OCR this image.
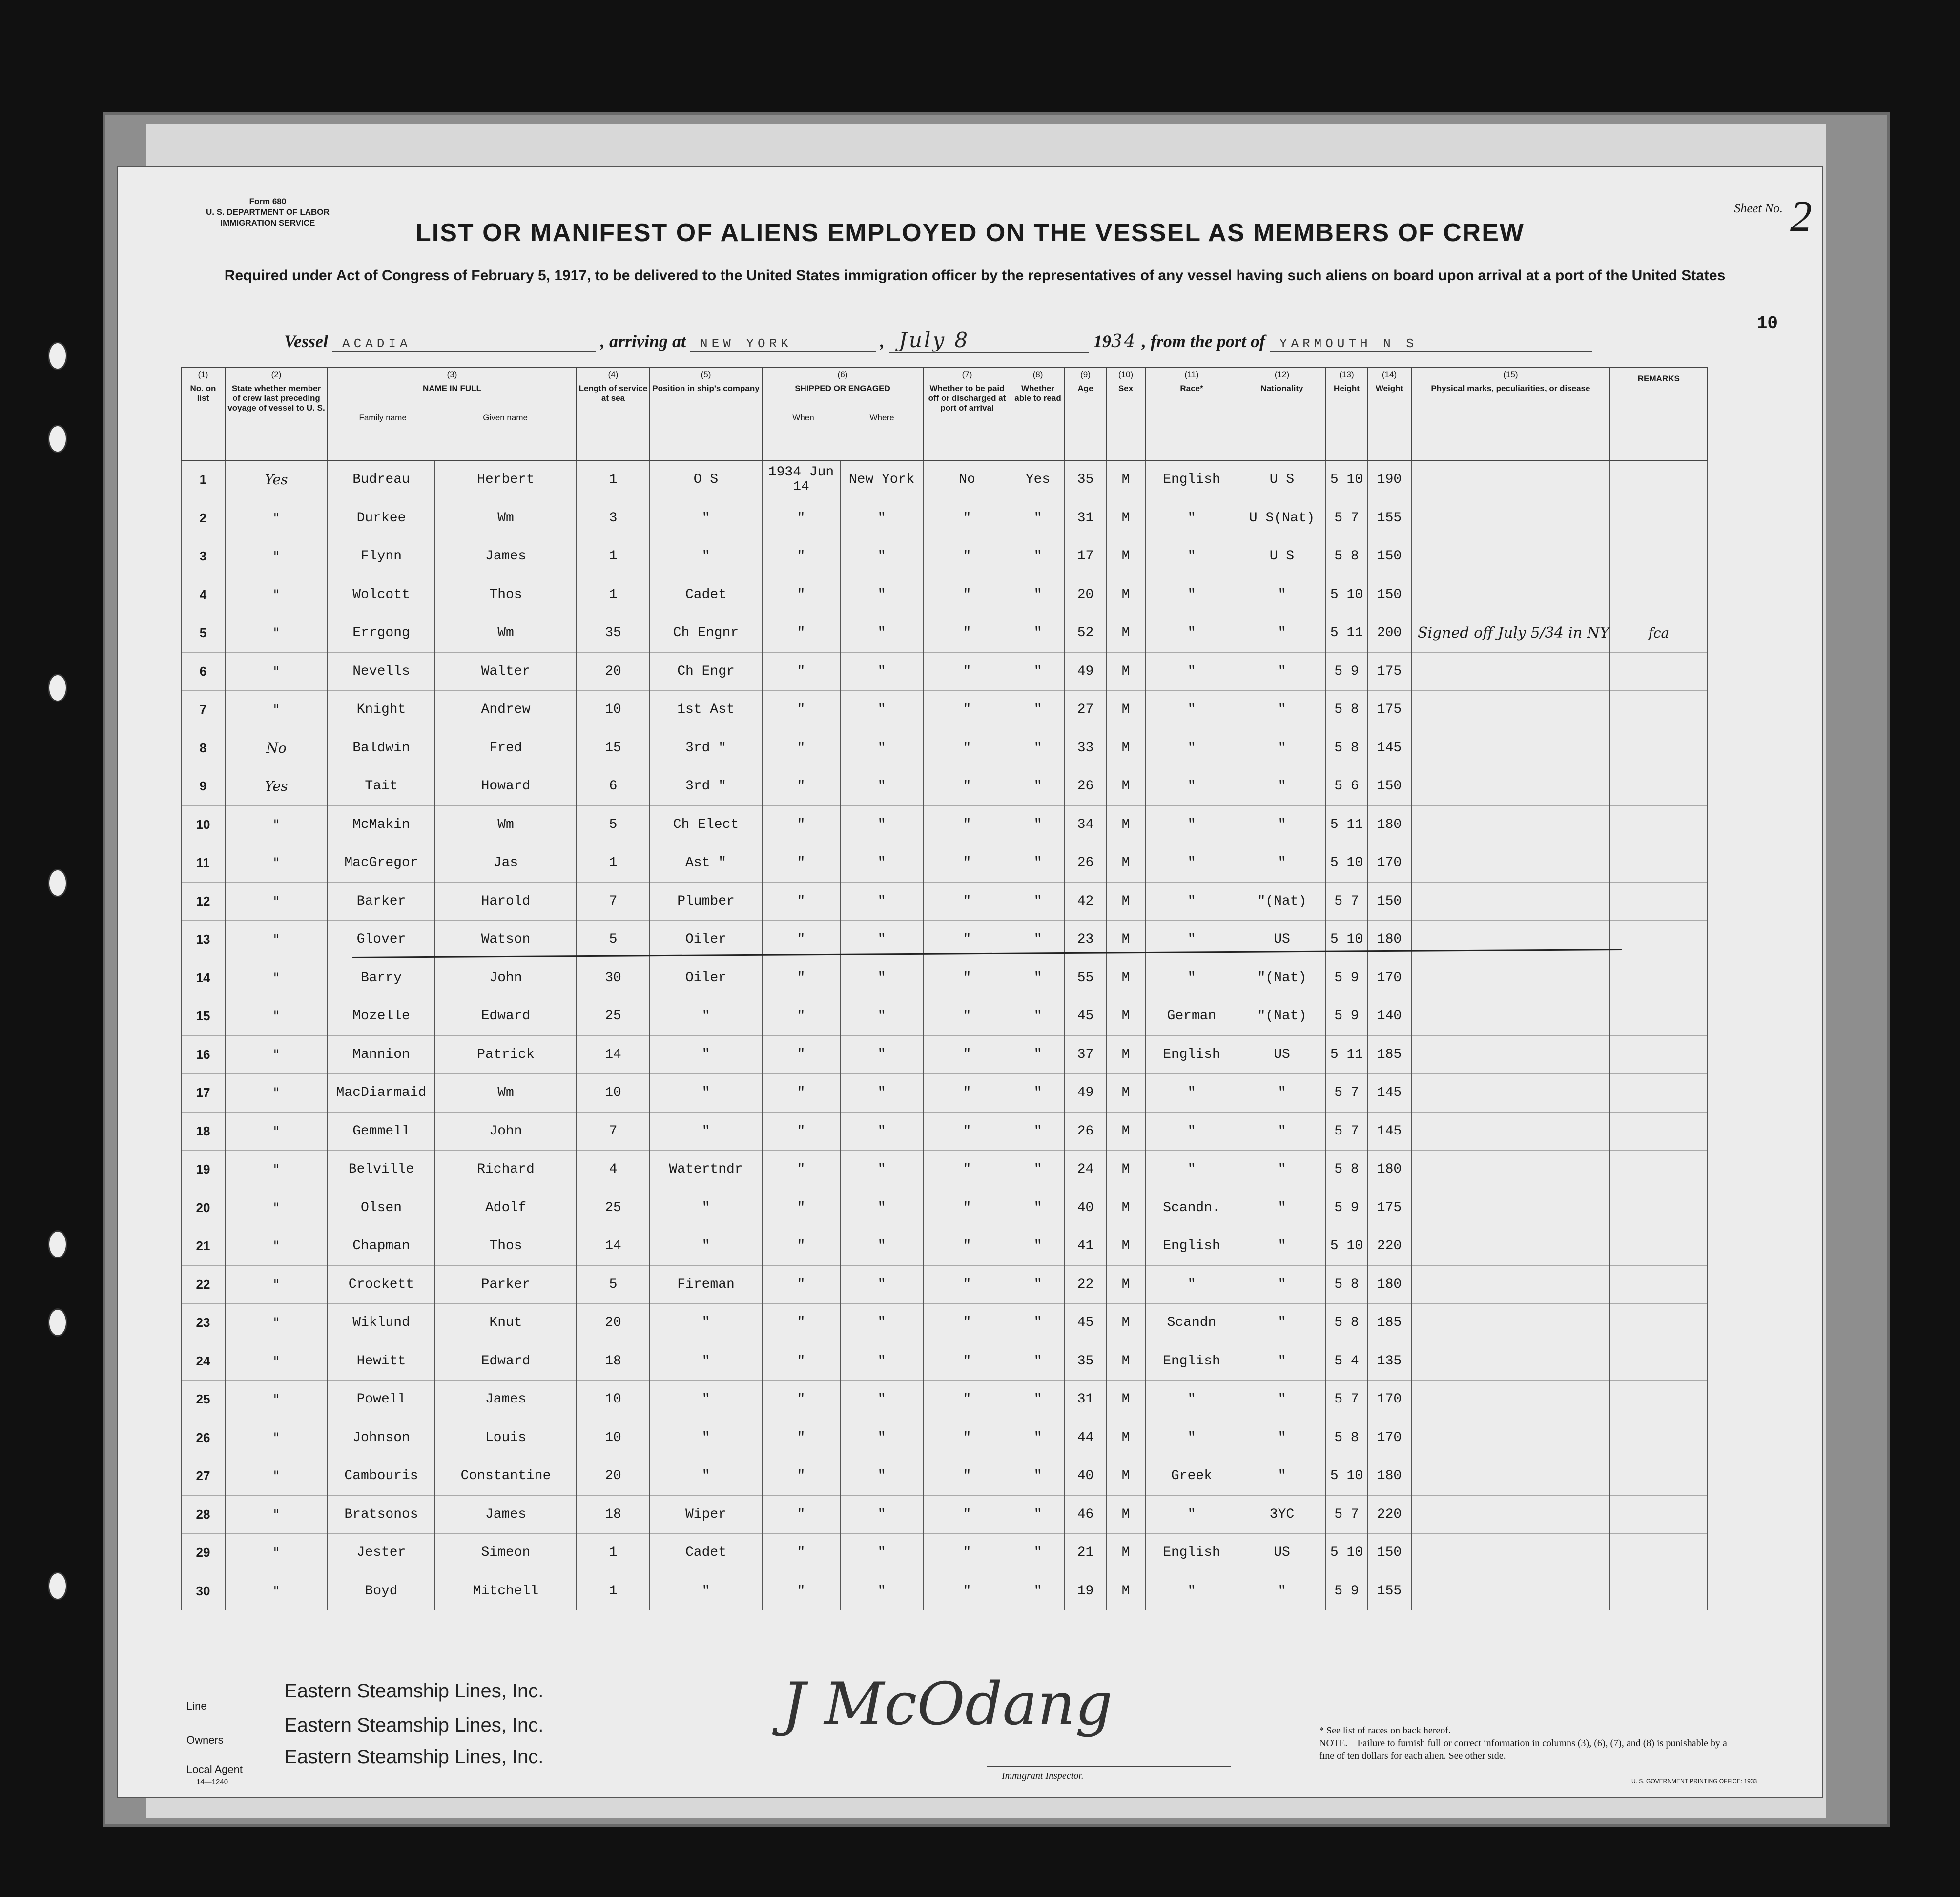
Form 680
U. S. DEPARTMENT OF LABOR
IMMIGRATION SERVICE
Sheet No. 2
LIST OR MANIFEST OF ALIENS EMPLOYED ON THE VESSEL AS MEMBERS OF CREW
Required under Act of Congress of February 5, 1917, to be delivered to the United States immigration officer by the representatives of any vessel having such aliens on board upon arrival at a port of the United States
Vessel ACADIA	, arriving at NEW YORK	, July 8	1934 , from the port of YARMOUTH N S
10
(1)
No. on list	(2)
State whether member of crew last preceding voyage of vessel to U. S.	(3)
NAME IN FULL
Family name Given name		(4)
Length of service at sea	(5)
Position in ship's company	(6)
SHIPPED OR ENGAGED
When Where		(7)
Whether to be paid off or discharged at port of arrival	(8)
Whether able to read	(9)
Age	(10)
Sex	(11)
Race*	(12)
Nationality	(13)
Height	(14)
Weight	(15)
Physical marks, peculiarities, or disease	REMARKS
1	Yes	Budreau	Herbert	1	O S	1934 Jun 14	New York	No	Yes	35	M	English	U S	5 10	190		
2	"	Durkee	Wm	3	"	"	"	"	"	31	M	"	U S(Nat)	5 7	155		
3	"	Flynn	James	1	"	"	"	"	"	17	M	"	U S	5 8	150		
4	"	Wolcott	Thos	1	Cadet	"	"	"	"	20	M	"	"	5 10	150		
5	"	Errgong	Wm	35	Ch Engnr	"	"	"	"	52	M	"	"	5 11	200	Signed off July 5/34 in NY	fca
6	"	Nevells	Walter	20	Ch Engr	"	"	"	"	49	M	"	"	5 9	175		
7	"	Knight	Andrew	10	1st Ast	"	"	"	"	27	M	"	"	5 8	175		
8	No	Baldwin	Fred	15	3rd "	"	"	"	"	33	M	"	"	5 8	145		
9	Yes	Tait	Howard	6	3rd "	"	"	"	"	26	M	"	"	5 6	150		
10	"	McMakin	Wm	5	Ch Elect	"	"	"	"	34	M	"	"	5 11	180		
11	"	MacGregor	Jas	1	Ast "	"	"	"	"	26	M	"	"	5 10	170		
12	"	Barker	Harold	7	Plumber	"	"	"	"	42	M	"	"(Nat)	5 7	150		
13	"	Glover	Watson	5	Oiler	"	"	"	"	23	M	"	US	5 10	180		
14	"	Barry	John	30	Oiler	"	"	"	"	55	M	"	"(Nat)	5 9	170		
15	"	Mozelle	Edward	25	"	"	"	"	"	45	M	German	"(Nat)	5 9	140		
16	"	Mannion	Patrick	14	"	"	"	"	"	37	M	English	US	5 11	185		
17	"	MacDiarmaid	Wm	10	"	"	"	"	"	49	M	"	"	5 7	145		
18	"	Gemmell	John	7	"	"	"	"	"	26	M	"	"	5 7	145		
19	"	Belville	Richard	4	Watertndr	"	"	"	"	24	M	"	"	5 8	180		
20	"	Olsen	Adolf	25	"	"	"	"	"	40	M	Scandn.	"	5 9	175		
21	"	Chapman	Thos	14	"	"	"	"	"	41	M	English	"	5 10	220		
22	"	Crockett	Parker	5	Fireman	"	"	"	"	22	M	"	"	5 8	180		
23	"	Wiklund	Knut	20	"	"	"	"	"	45	M	Scandn	"	5 8	185		
24	"	Hewitt	Edward	18	"	"	"	"	"	35	M	English	"	5 4	135		
25	"	Powell	James	10	"	"	"	"	"	31	M	"	"	5 7	170		
26	"	Johnson	Louis	10	"	"	"	"	"	44	M	"	"	5 8	170		
27	"	Cambouris	Constantine	20	"	"	"	"	"	40	M	Greek	"	5 10	180		
28	"	Bratsonos	James	18	Wiper	"	"	"	"	46	M	"	3YC	5 7	220		
29	"	Jester	Simeon	1	Cadet	"	"	"	"	21	M	English	US	5 10	150		
30	"	Boyd	Mitchell	1	"	"	"	"	"	19	M	"	"	5 9	155		
Line
Eastern Steamship Lines, Inc.
Owners
Eastern Steamship Lines, Inc.
Local Agent
Eastern Steamship Lines, Inc.
14—1240
J McOdang
Immigrant Inspector.
* See list of races on back hereof.
NOTE.—Failure to furnish full or correct information in columns (3), (6), (7), and (8) is punishable by a fine of ten dollars for each alien. See other side.
U. S. GOVERNMENT PRINTING OFFICE: 1933
